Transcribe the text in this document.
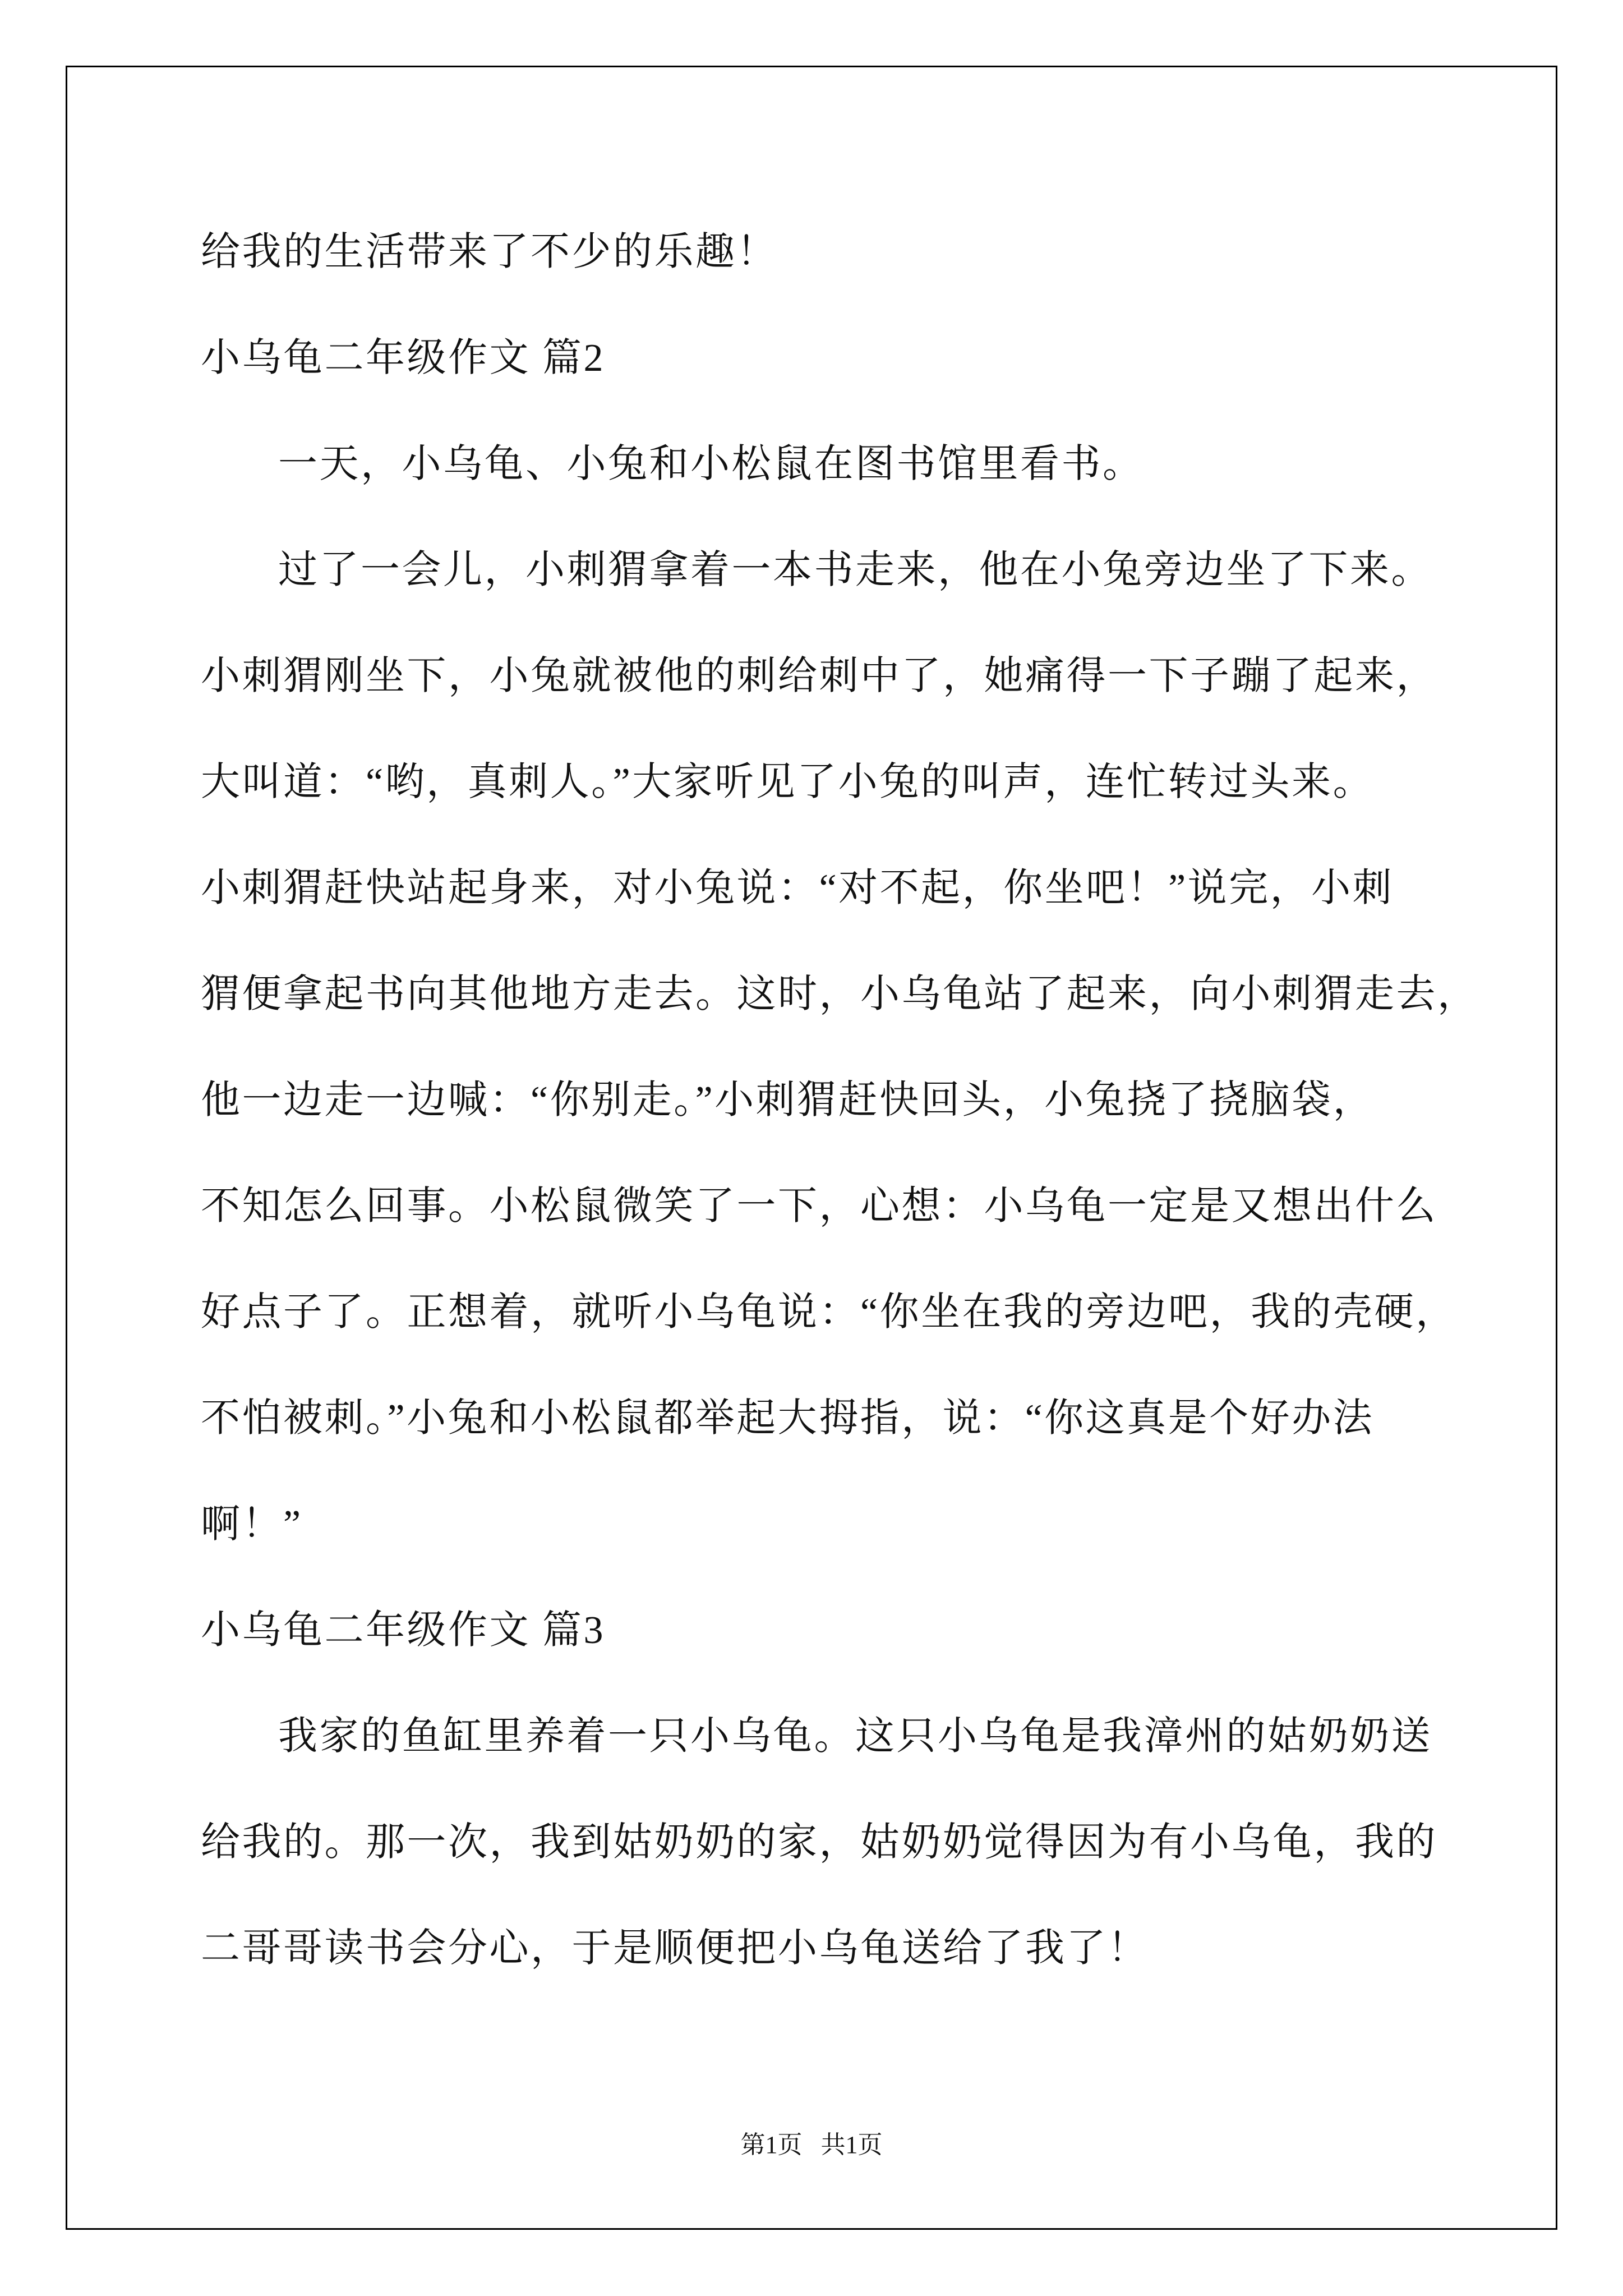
给我的生活带来了不少的乐趣！
小乌龟二年级作文 篇2
一天，小乌龟、小兔和小松鼠在图书馆里看书。
过了一会儿，小刺猬拿着一本书走来，他在小兔旁边坐了下来。
小刺猬刚坐下，小兔就被他的刺给刺中了，她痛得一下子蹦了起来，
大叫道：“哟，真刺人。”大家听见了小兔的叫声，连忙转过头来。
小刺猬赶快站起身来，对小兔说：“对不起，你坐吧！”说完，小刺
猬便拿起书向其他地方走去。这时，小乌龟站了起来，向小刺猬走去，
他一边走一边喊：“你别走。”小刺猬赶快回头，小兔挠了挠脑袋，
不知怎么回事。小松鼠微笑了一下，心想：小乌龟一定是又想出什么
好点子了。正想着，就听小乌龟说：“你坐在我的旁边吧，我的壳硬，
不怕被刺。”小兔和小松鼠都举起大拇指，说：“你这真是个好办法
啊！”
小乌龟二年级作文 篇3
我家的鱼缸里养着一只小乌龟。这只小乌龟是我漳州的姑奶奶送
给我的。那一次，我到姑奶奶的家，姑奶奶觉得因为有小乌龟，我的
二哥哥读书会分心，于是顺便把小乌龟送给了我了！
第1页   共1页
